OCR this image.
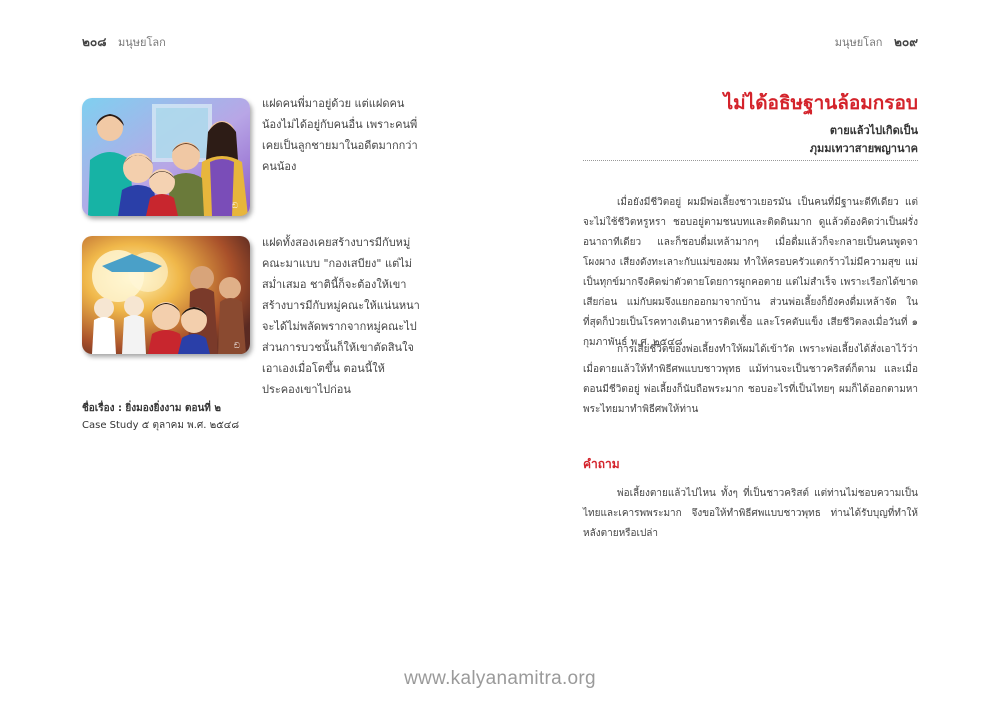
๒๐๘ มนุษยโลก
ඞ
แฝดคนพี่มาอยู่ด้วย แต่แฝดคนน้องไม่ได้อยู่กับคนอื่น เพราะคนพี่เคยเป็นลูกชายมาในอดีตมากกว่าคนน้อง
ඞ
แฝดทั้งสองเคยสร้างบารมีกับหมู่คณะมาแบบ "กองเสบียง" แต่ไม่สม่ำเสมอ ชาตินี้ก็จะต้องให้เขาสร้างบารมีกับหมู่คณะให้แน่นหนา จะได้ไม่พลัดพรากจากหมู่คณะไป ส่วนการบวชนั้นก็ให้เขาตัดสินใจเอาเองเมื่อโตขึ้น ตอนนี้ให้ประคองเขาไปก่อน
ชื่อเรื่อง : ยิ่งมองยิ่งงาม ตอนที่ ๒
Case Study ๕ ตุลาคม พ.ศ. ๒๕๔๘
มนุษยโลก ๒๐๙
ไม่ได้อธิษฐานล้อมกรอบ
ตายแล้วไปเกิดเป็น
ภุมมเทวาสายพญานาค

เมื่อยังมีชีวิตอยู่ ผมมีพ่อเลี้ยงชาวเยอรมัน เป็นคนที่มีฐานะดีทีเดียว แต่จะไม่ใช้ชีวิตหรูหรา ชอบอยู่ตามชนบทและติดดินมาก ดูแล้วต้องคิดว่าเป็นฝรั่งอนาถาทีเดียว และก็ชอบดื่มเหล้ามากๆ เมื่อดื่มแล้วก็จะกลายเป็นคนพูดจาโผงผาง เสียงดังทะเลาะกับแม่ของผม ทำให้ครอบครัวแตกร้าวไม่มีความสุข แม่เป็นทุกข์มากจึงคิดฆ่าตัวตายโดยการผูกคอตาย แต่ไม่สำเร็จ เพราะเรือกได้ขาดเสียก่อน แม่กับผมจึงแยกออกมาจากบ้าน ส่วนพ่อเลี้ยงก็ยังคงดื่มเหล้าจัด ในที่สุดก็ป่วยเป็นโรคทางเดินอาหารติดเชื้อ และโรคตับแข็ง เสียชีวิตลงเมื่อวันที่ ๑ กุมภาพันธ์ พ.ศ. ๒๕๔๘

การเสียชีวิตของพ่อเลี้ยงทำให้ผมได้เข้าวัด เพราะพ่อเลี้ยงได้สั่งเอาไว้ว่าเมื่อตายแล้วให้ทำพิธีศพแบบชาวพุทธ แม้ท่านจะเป็นชาวคริสต์ก็ตาม และเมื่อตอนมีชีวิตอยู่ พ่อเลี้ยงก็นับถือพระมาก ชอบอะไรที่เป็นไทยๆ ผมก็ได้ออกตามหาพระไทยมาทำพิธีศพให้ท่าน

คำถาม

พ่อเลี้ยงตายแล้วไปไหน ทั้งๆ ที่เป็นชาวคริสต์ แต่ท่านไม่ชอบความเป็นไทยและเคารพพระมาก จึงขอให้ทำพิธีศพแบบชาวพุทธ ท่านได้รับบุญที่ทำให้หลังตายหรือเปล่า

www.kalyanamitra.org
